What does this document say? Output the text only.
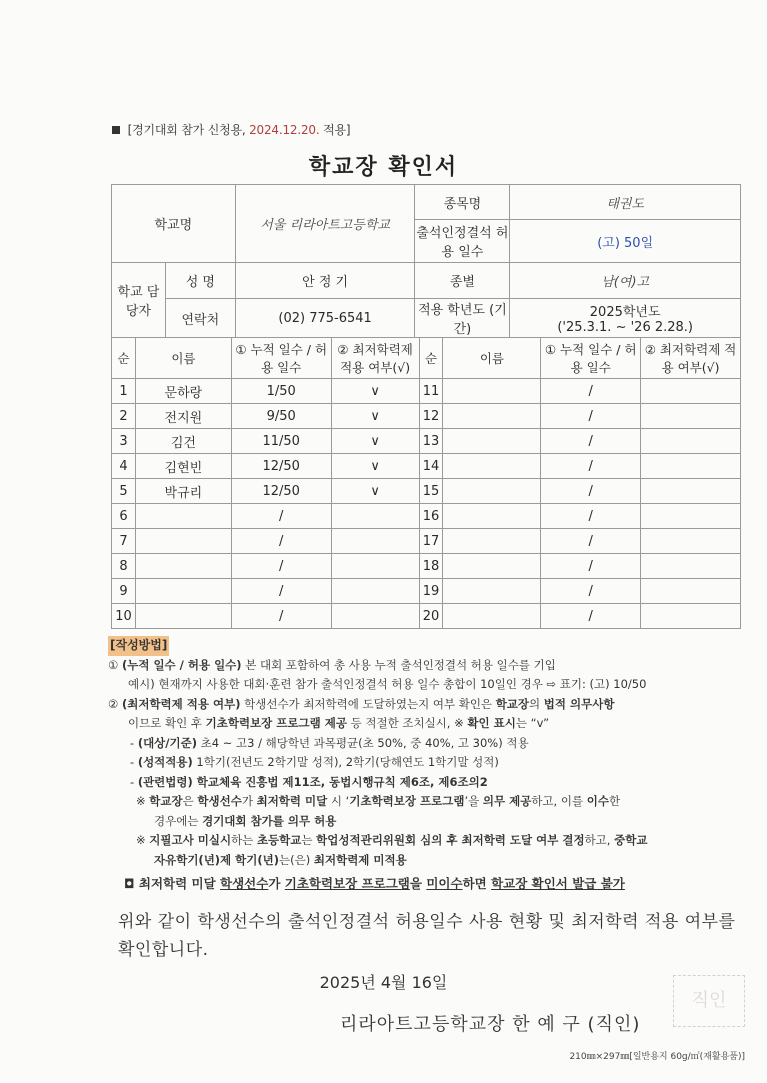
[경기대회 참가 신청용, 2024.12.20. 적용]
학교장 확인서
학교명		서울 리라아트고등학교	종목명	태권도
			출석인정결석 허용 일수	(고) 50일
학교 담당자	성 명	안 정 기	종별	남(여)고
	연락처	(02) 775-6541	적용 학년도 (기간)	2025학년도
('25.3.1. ~ '26 2.28.)
순	이름	① 누적 일수 / 허용 일수	② 최저학력제 적용 여부(√)	순	이름	① 누적 일수 / 허용 일수	② 최저학력제 적용 여부(√)
1	문하랑	1/50	∨	11		/	
2	전지원	9/50	∨	12		/	
3	김건	11/50	∨	13		/	
4	김현빈	12/50	∨	14		/	
5	박규리	12/50	∨	15		/	
6		/		16		/	
7		/		17		/	
8		/		18		/	
9		/		19		/	
10		/		20		/	

[작성방법]

① (누적 일수 / 허용 일수) 본 대회 포함하여 총 사용 누적 출석인정결석 허용 일수를 기입

예시) 현재까지 사용한 대회·훈련 참가 출석인정결석 허용 일수 총합이 10일인 경우 ⇨ 표기: (고) 10/50

② (최저학력제 적용 여부) 학생선수가 최저학력에 도달하였는지 여부 확인은 학교장의 법적 의무사항

이므로 확인 후 기초학력보장 프로그램 제공 등 적절한 조치실시, ※ 확인 표시는 “v”

- (대상/기준) 초4 ~ 고3 / 해당학년 과목평균(초 50%, 중 40%, 고 30%) 적용

- (성적적용) 1학기(전년도 2학기말 성적), 2학기(당해연도 1학기말 성적)

- (관련법령) 학교체육 진흥법 제11조, 동법시행규칙 제6조, 제6조의2

※ 학교장은 학생선수가 최저학력 미달 시 ‘기초학력보장 프로그램’을 의무 제공하고, 이를 이수한

경우에는 경기대회 참가를 의무 허용

※ 지필고사 미실시하는 초등학교는 학업성적관리위원회 심의 후 최저학력 도달 여부 결정하고, 중학교

자유학기(년)제 학기(년)는(은) 최저학력제 미적용

◘ 최저학력 미달 학생선수가 기초학력보장 프로그램을 미이수하면 학교장 확인서 발급 불가

위와 같이 학생선수의 출석인정결석 허용일수 사용 현황 및 최저학력 적용 여부를 확인합니다.
2025년 4월 16일
리라아트고등학교장 한 예 구 (직인)
직인
210㎜×297㎜[일반용지 60g/㎡(재활용품)]
